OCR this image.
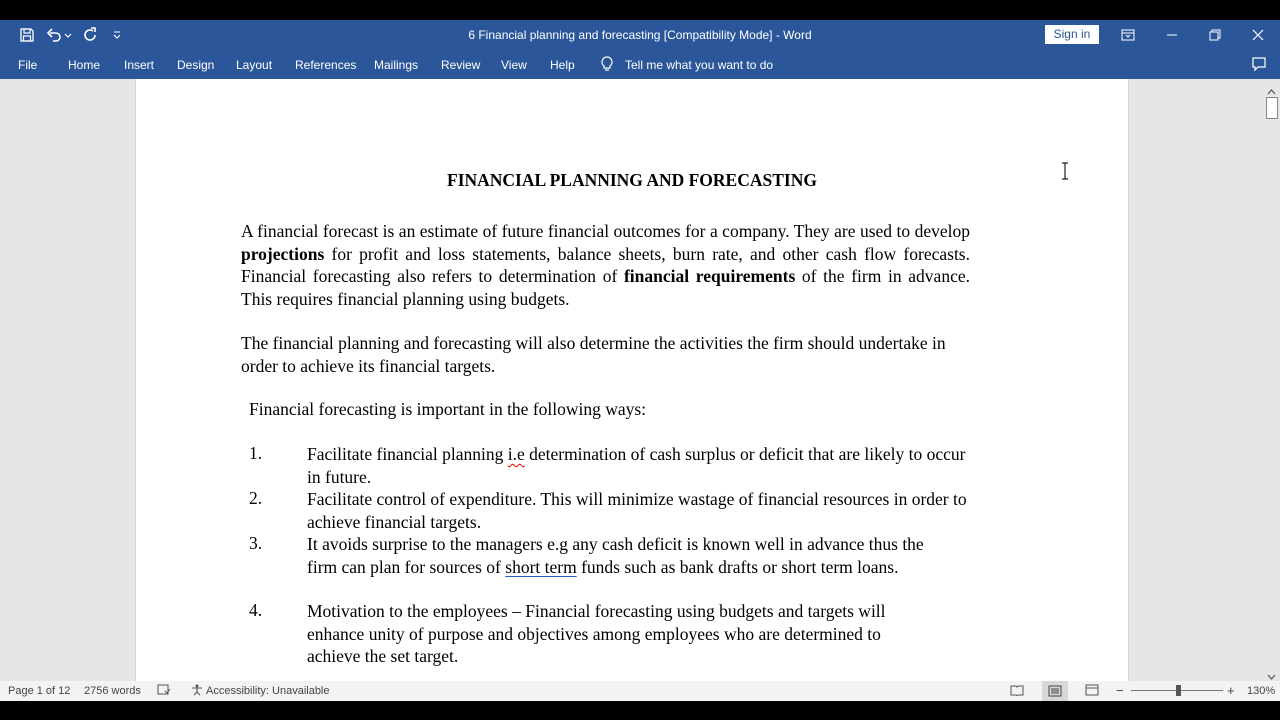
6 Financial planning and forecasting [Compatibility Mode] - Word	Sign in
File	Home Insert Design Layout References Mailings Review View Help	Tell me what you want to do
FINANCIAL PLANNING AND FORECASTING
A financial forecast is an estimate of future financial outcomes for a company. They are used to develop projections for profit and loss statements, balance sheets, burn rate, and other cash flow forecasts. Financial forecasting also refers to determination of financial requirements of the firm in advance. This requires financial planning using budgets.
The financial planning and forecasting will also determine the activities the firm should undertake in order to achieve its financial targets.
Financial forecasting is important in the following ways:
1.	Facilitate financial planning i.e determination of cash surplus or deficit that are likely to occur in future.
2.	Facilitate control of expenditure. This will minimize wastage of financial resources in order to achieve financial targets.
3.	It avoids surprise to the managers e.g any cash deficit is known well in advance thus the firm can plan for sources of short term funds such as bank drafts or short term loans.
4.	Motivation to the employees – Financial forecasting using budgets and targets will enhance unity of purpose and objectives among employees who are determined to achieve the set target.
Page 1 of 12 2756 words	Accessibility: Unavailable	−	+ 130%
